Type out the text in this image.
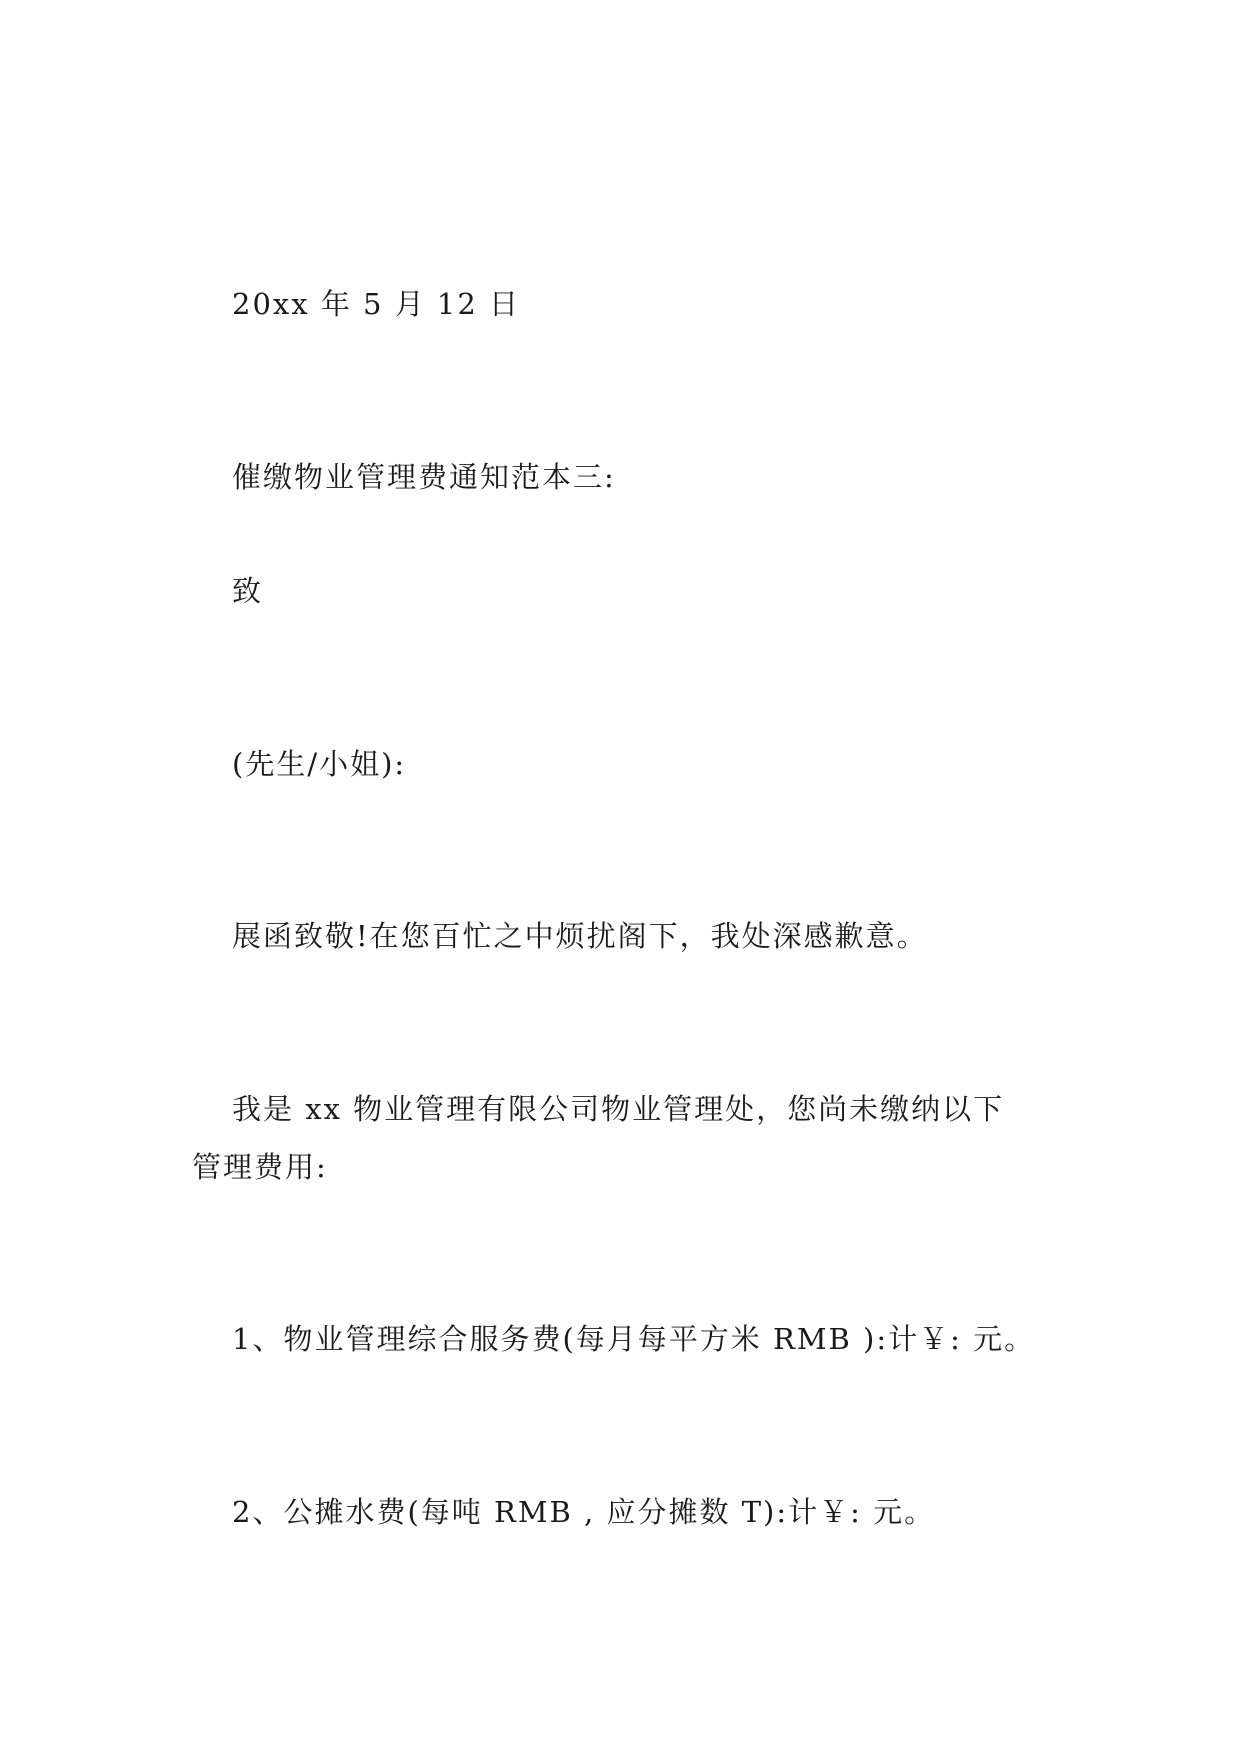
20xx 年 5 月 12 日

催缴物业管理费通知范本三:

致

(先生/小姐):

展函致敬!在您百忙之中烦扰阁下，我处深感歉意。

我是 xx 物业管理有限公司物业管理处，您尚未缴纳以下

管理费用:

1、物业管理综合服务费(每月每平方米 RMB ):计￥: 元。

2、公摊水费(每吨 RMB , 应分摊数 T):计￥: 元。
